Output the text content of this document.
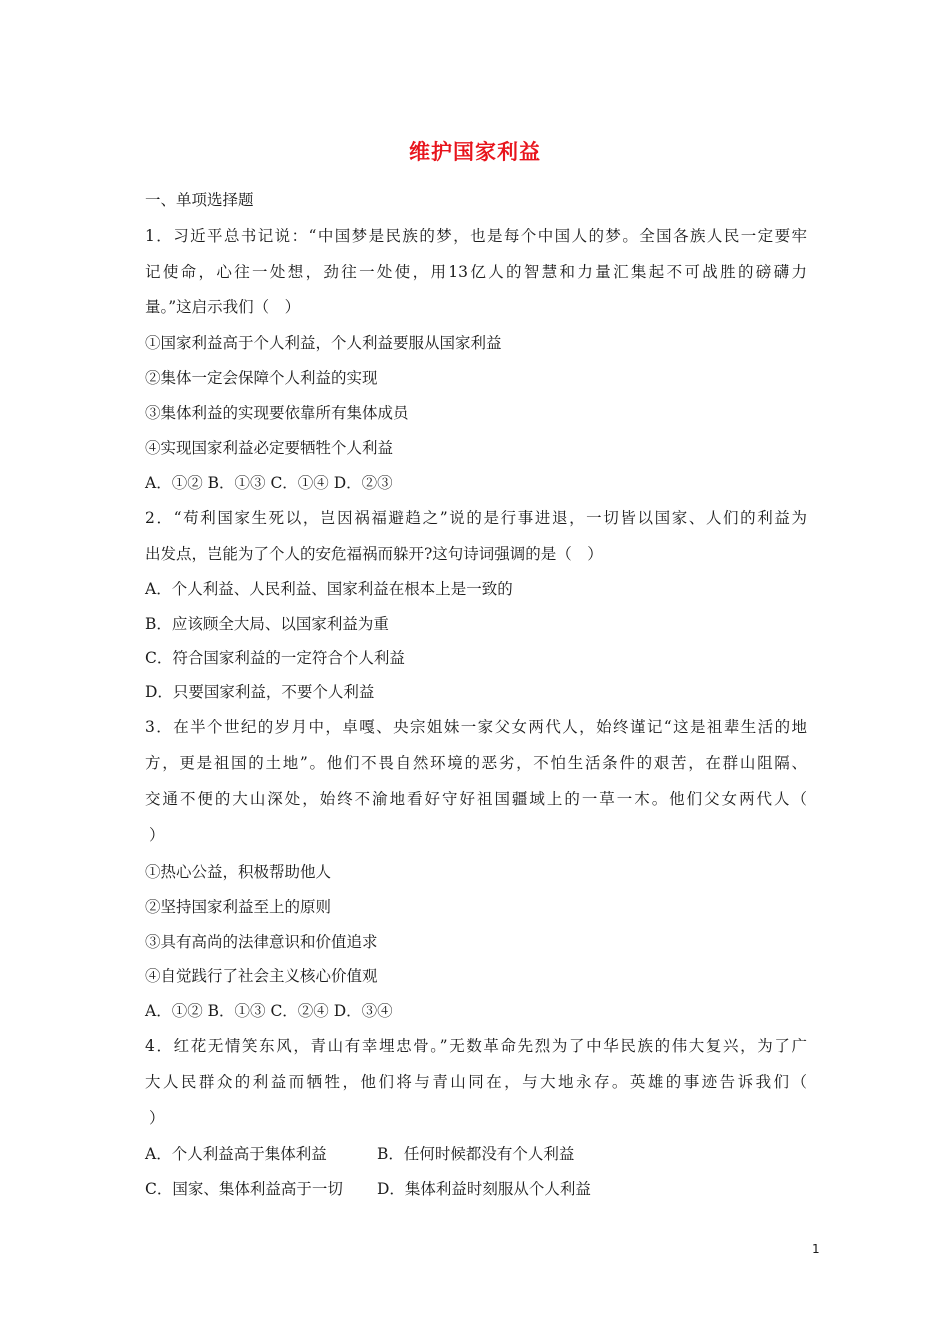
维护国家利益
一、单项选择题
1．习近平总书记说：“中国梦是民族的梦，也是每个中国人的梦。全国各族人民一定要牢
记使命，心往一处想，劲往一处使，用13亿人的智慧和力量汇集起不可战胜的磅礴力
量。”这启示我们（　）
①国家利益高于个人利益，个人利益要服从国家利益
②集体一定会保障个人利益的实现
③集体利益的实现要依靠所有集体成员
④实现国家利益必定要牺牲个人利益
A．①② B．①③ C．①④ D．②③
2．“苟利国家生死以，岂因祸福避趋之”说的是行事进退，一切皆以国家、人们的利益为
出发点，岂能为了个人的安危福祸而躲开?这句诗词强调的是（　）
A．个人利益、人民利益、国家利益在根本上是一致的
B．应该顾全大局、以国家利益为重
C．符合国家利益的一定符合个人利益
D．只要国家利益，不要个人利益
3．在半个世纪的岁月中，卓嘎、央宗姐妹一家父女两代人，始终谨记“这是祖辈生活的地
方，更是祖国的土地”。他们不畏自然环境的恶劣，不怕生活条件的艰苦，在群山阻隔、
交通不便的大山深处，始终不渝地看好守好祖国疆域上的一草一木。他们父女两代人（
）
①热心公益，积极帮助他人
②坚持国家利益至上的原则
③具有高尚的法律意识和价值追求
④自觉践行了社会主义核心价值观
A．①② B．①③ C．②④ D．③④
4．红花无情笑东风，青山有幸埋忠骨。”无数革命先烈为了中华民族的伟大复兴，为了广
大人民群众的利益而牺牲，他们将与青山同在，与大地永存。英雄的事迹告诉我们（
）
A．个人利益高于集体利益	B．任何时候都没有个人利益
C．国家、集体利益高于一切 D．集体利益时刻服从个人利益
1
